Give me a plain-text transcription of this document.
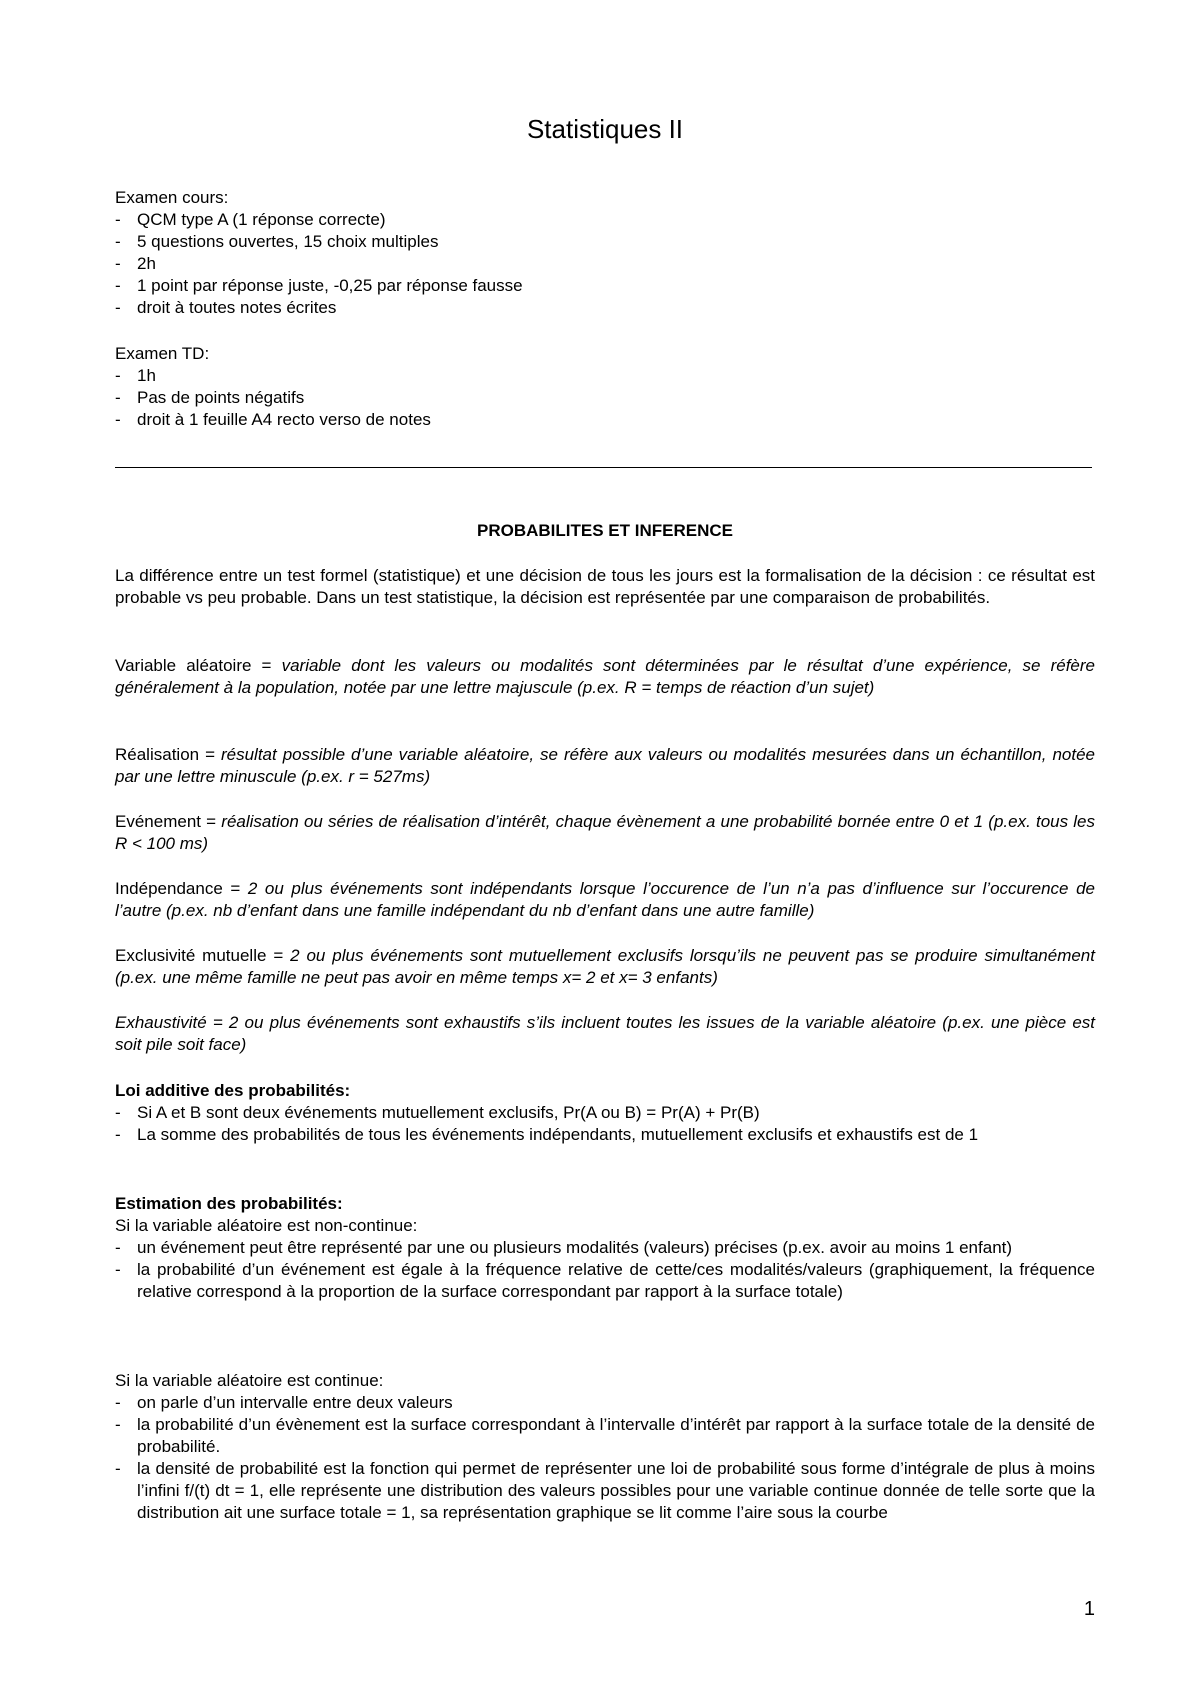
Statistiques II

Examen cours:

- QCM type A (1 réponse correcte)
- 5 questions ouvertes, 15 choix multiples
- 2h
- 1 point par réponse juste, -0,25 par réponse fausse
- droit à toutes notes écrites

Examen TD:

- 1h
- Pas de points négatifs
- droit à 1 feuille A4 recto verso de notes
PROBABILITES ET INFERENCE

La différence entre un test formel (statistique) et une décision de tous les jours est la formalisation de la décision : ce résultat est probable vs peu probable. Dans un test statistique, la décision est représentée par une comparaison de probabilités.

Variable aléatoire = variable dont les valeurs ou modalités sont déterminées par le résultat d’une expérience, se réfère généralement à la population, notée par une lettre majuscule (p.ex. R = temps de réaction d’un sujet)

Réalisation = résultat possible d’une variable aléatoire, se réfère aux valeurs ou modalités mesurées dans un échantillon, notée par une lettre minuscule (p.ex. r = 527ms)

Evénement = réalisation ou séries de réalisation d’intérêt, chaque évènement a une probabilité bornée entre 0 et 1 (p.ex. tous les R < 100 ms)

Indépendance = 2 ou plus événements sont indépendants lorsque l’occurence de l’un n’a pas d’influence sur l’occurence de l’autre (p.ex. nb d’enfant dans une famille indépendant du nb d’enfant dans une autre famille)

Exclusivité mutuelle = 2 ou plus événements sont mutuellement exclusifs lorsqu’ils ne peuvent pas se produire simultanément (p.ex. une même famille ne peut pas avoir en même temps x= 2 et x= 3 enfants)

Exhaustivité = 2 ou plus événements sont exhaustifs s’ils incluent toutes les issues de la variable aléatoire (p.ex. une pièce est soit pile soit face)

Loi additive des probabilités:

- Si A et B sont deux événements mutuellement exclusifs, Pr(A ou B) = Pr(A) + Pr(B)
- La somme des probabilités de tous les événements indépendants, mutuellement exclusifs et exhaustifs est de 1

Estimation des probabilités:

Si la variable aléatoire est non-continue:

- un événement peut être représenté par une ou plusieurs modalités (valeurs) précises (p.ex. avoir au moins 1 enfant)
- la probabilité d’un événement est égale à la fréquence relative de cette/ces modalités/valeurs (graphiquement, la fréquence relative correspond à la proportion de la surface correspondant par rapport à la surface totale)

Si la variable aléatoire est continue:

- on parle d’un intervalle entre deux valeurs
- la probabilité d’un évènement est la surface correspondant à l’intervalle d’intérêt par rapport à la surface totale de la densité de probabilité.
- la densité de probabilité est la fonction qui permet de représenter une loi de probabilité sous forme d’intégrale de plus à moins l’infini f/(t) dt = 1, elle représente une distribution des valeurs possibles pour une variable continue donnée de telle sorte que la distribution ait une surface totale = 1, sa représentation graphique se lit comme l’aire sous la courbe
1
